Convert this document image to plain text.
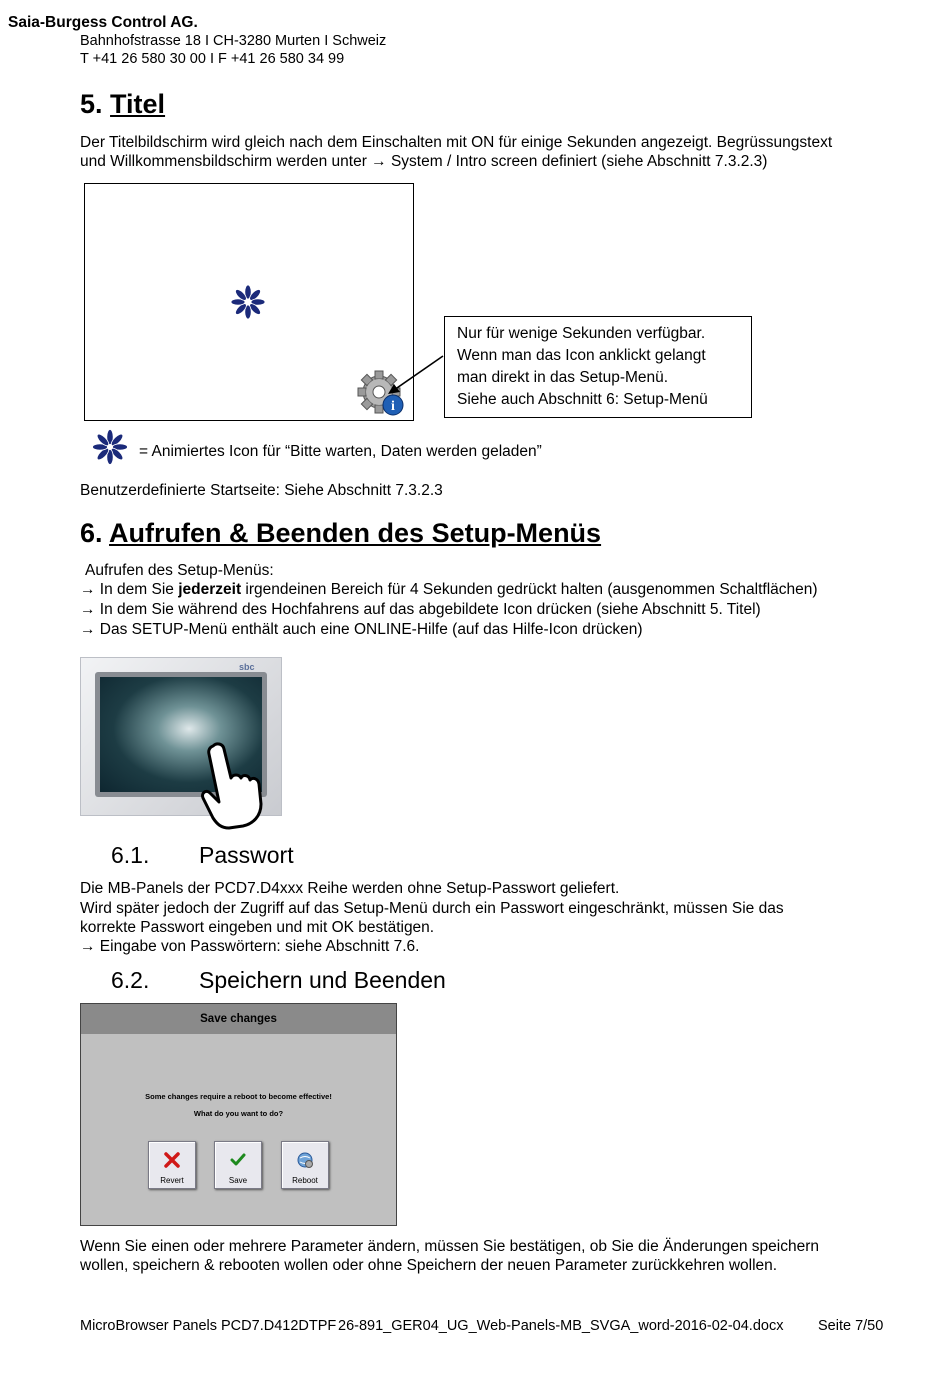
Saia-Burgess Control AG.
Bahnhofstrasse 18 I CH-3280 Murten I Schweiz
T +41 26 580 30 00 I F +41 26 580 34 99
5. Titel
Der Titelbildschirm wird gleich nach dem Einschalten mit ON für einige Sekunden angezeigt. Begrüssungstext
und Willkommensbildschirm werden unter → System / Intro screen definiert (siehe Abschnitt 7.3.2.3)
i
Nur für wenige Sekunden verfügbar.
Wenn man das Icon anklickt gelangt
man direkt in das Setup-Menü.
Siehe auch Abschnitt 6: Setup-Menü
= Animiertes Icon für “Bitte warten, Daten werden geladen”
Benutzerdefinierte Startseite: Siehe Abschnitt 7.3.2.3
6. Aufrufen & Beenden des Setup-Menüs
Aufrufen des Setup-Menüs:
→ In dem Sie jederzeit irgendeinen Bereich für 4 Sekunden gedrückt halten (ausgenommen Schaltflächen)
→ In dem Sie während des Hochfahrens auf das abgebildete Icon drücken (siehe Abschnitt 5. Titel)
→ Das SETUP-Menü enthält auch eine ONLINE-Hilfe (auf das Hilfe-Icon drücken)
sbc
6.1. Passwort
Die MB-Panels der PCD7.D4xxx Reihe werden ohne Setup-Passwort geliefert.
Wird später jedoch der Zugriff auf das Setup-Menü durch ein Passwort eingeschränkt, müssen Sie das
korrekte Passwort eingeben und mit OK bestätigen.
→ Eingabe von Passwörtern: siehe Abschnitt 7.6.
6.2. Speichern und Beenden
Save changes
Some changes require a reboot to become effective!
What do you want to do?
Revert	Save	Reboot
Wenn Sie einen oder mehrere Parameter ändern, müssen Sie bestätigen, ob Sie die Änderungen speichern
wollen, speichern & rebooten wollen oder ohne Speichern der neuen Parameter zurückkehren wollen.
MicroBrowser Panels PCD7.D412DTPF 26-891_GER04_UG_Web-Panels-MB_SVGA_word-2016-02-04.docx Seite 7/50
